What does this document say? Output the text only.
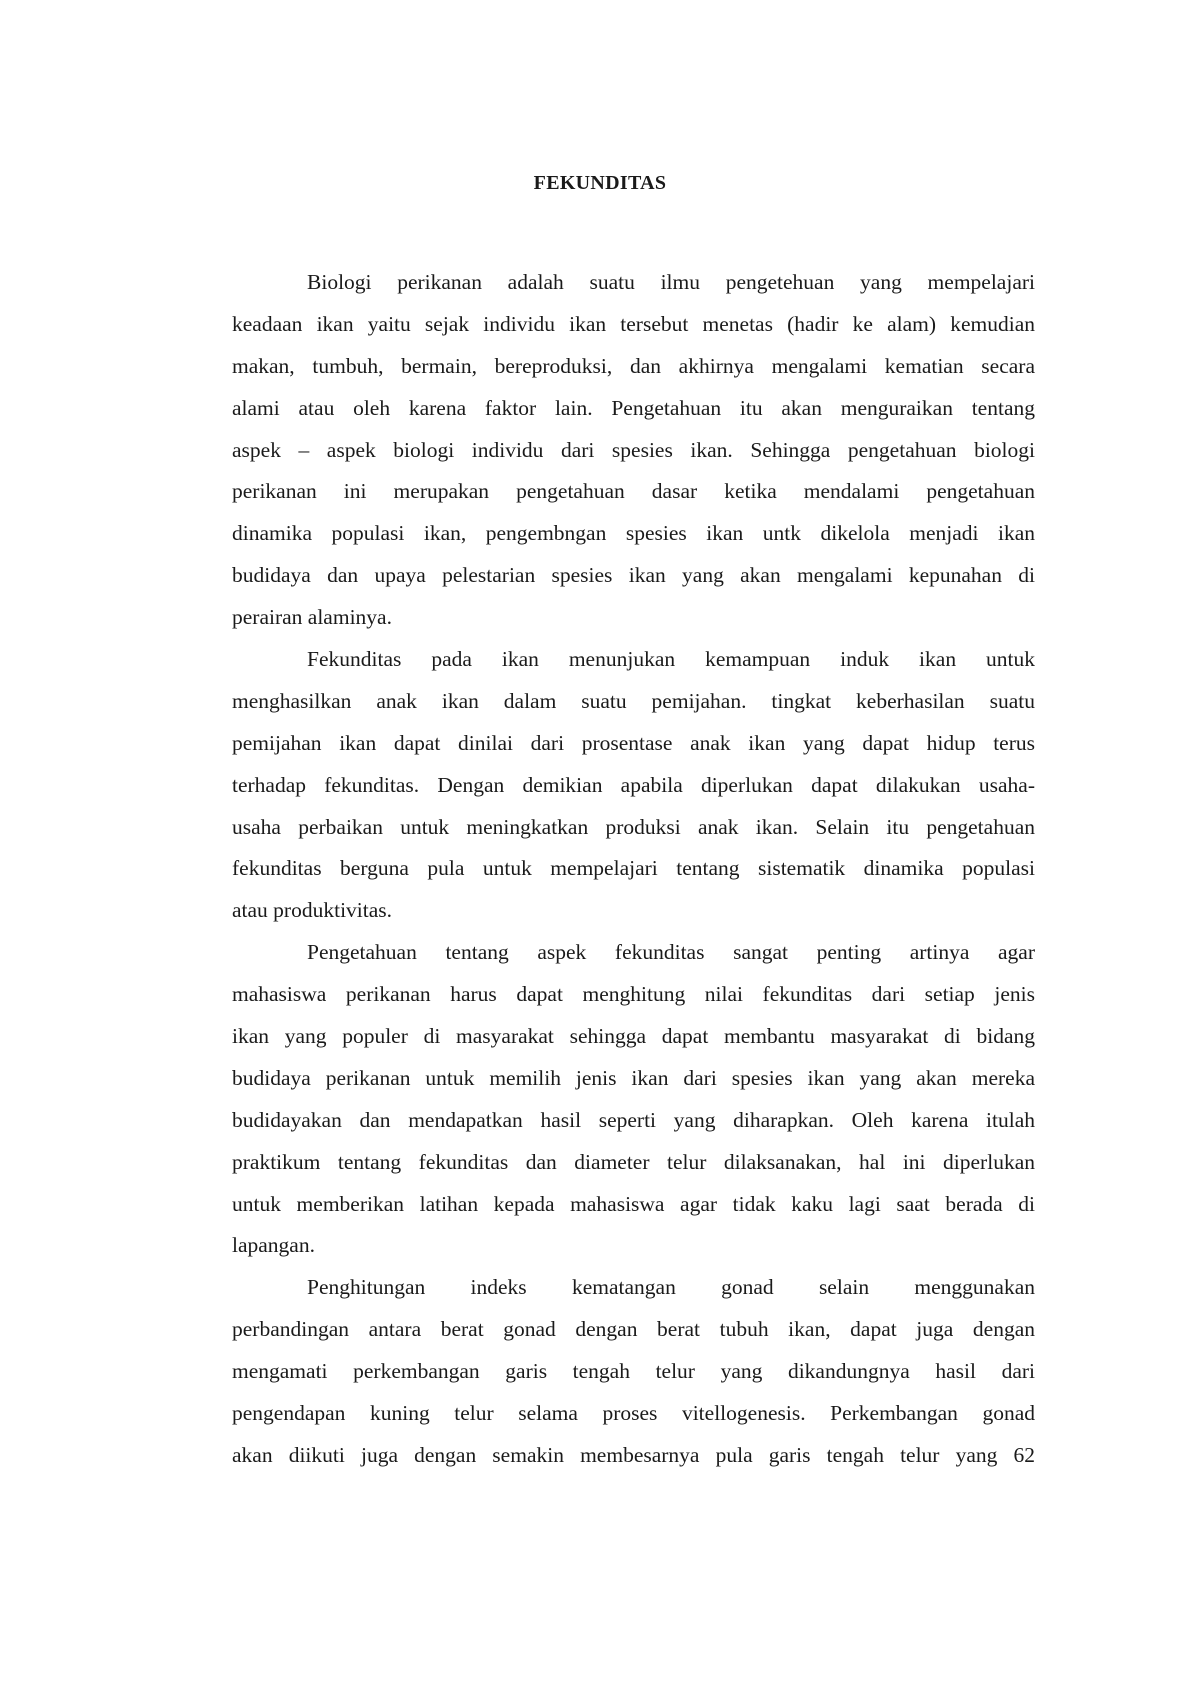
FEKUNDITAS
Biologi perikanan adalah suatu ilmu pengetehuan yang mempelajari
keadaan ikan yaitu sejak individu ikan tersebut menetas (hadir ke alam) kemudian
makan, tumbuh, bermain, bereproduksi, dan akhirnya mengalami kematian secara
alami atau oleh karena faktor lain. Pengetahuan itu akan menguraikan tentang
aspek – aspek biologi individu dari spesies ikan. Sehingga pengetahuan biologi
perikanan ini merupakan pengetahuan dasar ketika mendalami pengetahuan
dinamika populasi ikan, pengembngan spesies ikan untk dikelola menjadi ikan
budidaya dan upaya pelestarian spesies ikan yang akan mengalami kepunahan di
perairan alaminya.
Fekunditas pada ikan menunjukan kemampuan induk ikan untuk
menghasilkan anak ikan dalam suatu pemijahan. tingkat keberhasilan suatu
pemijahan ikan dapat dinilai dari prosentase anak ikan yang dapat hidup terus
terhadap fekunditas. Dengan demikian apabila diperlukan dapat dilakukan usaha-
usaha perbaikan untuk meningkatkan produksi anak ikan. Selain itu pengetahuan
fekunditas berguna pula untuk mempelajari tentang sistematik dinamika populasi
atau produktivitas.
Pengetahuan tentang aspek fekunditas sangat penting artinya agar
mahasiswa perikanan harus dapat menghitung nilai fekunditas dari setiap jenis
ikan yang populer di masyarakat sehingga dapat membantu masyarakat di bidang
budidaya perikanan untuk memilih jenis ikan dari spesies ikan yang akan mereka
budidayakan dan mendapatkan hasil seperti yang diharapkan. Oleh karena itulah
praktikum tentang fekunditas dan diameter telur dilaksanakan, hal ini diperlukan
untuk memberikan latihan kepada mahasiswa agar tidak kaku lagi saat berada di
lapangan.
Penghitungan indeks kematangan gonad selain menggunakan
perbandingan antara berat gonad dengan berat tubuh ikan, dapat juga dengan
mengamati perkembangan garis tengah telur yang dikandungnya hasil dari
pengendapan kuning telur selama proses vitellogenesis. Perkembangan gonad
akan diikuti juga dengan semakin membesarnya pula garis tengah telur yang 62
